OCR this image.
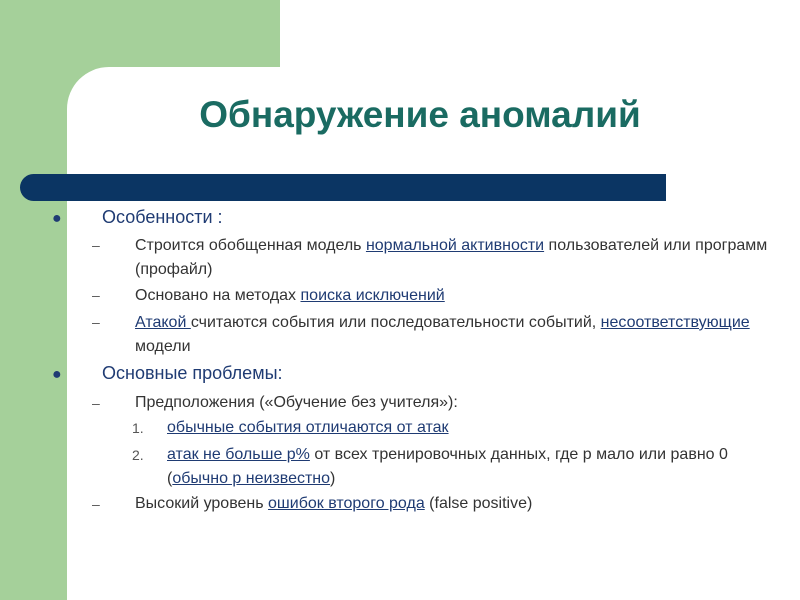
Обнаружение аномалий
● Особенности :

– Строится обобщенная модель нормальной активности пользователей или программ (профайл)

– Основано на методах поиска исключений

– Атакой считаются события или последовательности событий, несоответствующие модели

● Основные проблемы:

– Предположения («Обучение без учителя»):

1. обычные события отличаются от атак

2. атак не больше p% от всех тренировочных данных, где p мало или равно 0 (обычно p неизвестно)

– Высокий уровень ошибок второго рода (false positive)
